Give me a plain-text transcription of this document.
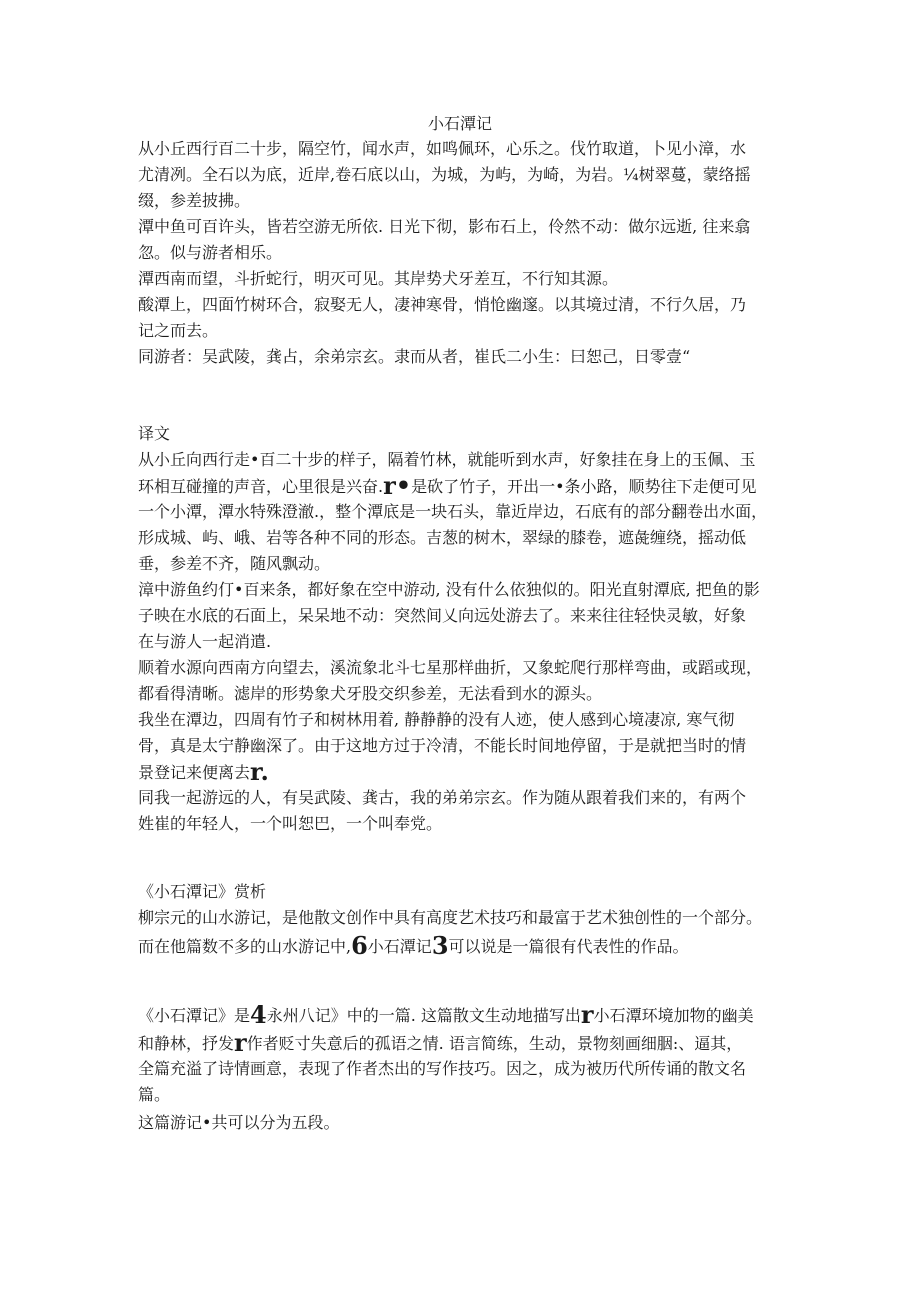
小石潭记
从小丘西行百二十步，隔空竹，闻水声，如鸣佩环，心乐之。伐竹取道，卜见小漳，水
尤清冽。全石以为底，近岸,卷石底以山，为城，为屿，为崎，为岩。¼树翠蔓，蒙络摇
缀，参差披拂。
潭中鱼可百许头，皆若空游无所依. 日光下彻，影布石上，伶然不动：做尔远逝, 往来翕
忽。似与游者相乐。
潭西南而望，斗折蛇行，明灭可见。其岸势犬牙差互，不行知其源。
酸潭上，四面竹树环合，寂娶无人，凄神寒骨，悄怆幽邃。以其境过清，不行久居，乃
记之而去。
同游者：吴武陵，龚占，余弟宗玄。隶而从者，崔氏二小生：曰恕己，日零壹“
译文
从小丘向西行走•百二十步的样子，隔着竹林，就能听到水声，好象挂在身上的玉佩、玉
环相互碰撞的声音，心里很是兴奋.r•是砍了竹子，开出一•条小路，顺势往下走便可见
一个小潭，潭水特殊澄澈.，整个潭底是一块石头，靠近岸边，石底有的部分翻卷出水面，
形成城、屿、峨、岩等各种不同的形态。吉葱的树木，翠绿的膝卷，遮彘缠绕，摇动低
垂，参差不齐，随风飘动。
漳中游鱼约仃•百来条，都好象在空中游动, 没有什么依独似的。阳光直射潭底, 把鱼的影
子映在水底的石面上，呆呆地不动：突然间乂向远处游去了。来来往往轻快灵敏，好象
在与游人一起消遣.
顺着水源向西南方向望去，溪流象北斗七星那样曲折，又象蛇爬行那样弯曲，或蹈或现，
都看得清晰。滤岸的形势象犬牙股交织参差，无法看到水的源头。
我坐在潭边，四周有竹子和树林用着, 静静静的没有人迹，使人感到心境凄凉, 寒气彻
骨，真是太宁静幽深了。由于这地方过于冷清，不能长时间地停留，于是就把当时的情
景登记来便离去r.
同我一起游远的人，有吴武陵、龚古，我的弟弟宗玄。作为随从跟着我们来的，有两个
姓崔的年轻人，一个叫恕巴，一个叫奉党。
《小石潭记》赏析
柳宗元的山水游记，是他散文创作中具有高度艺术技巧和最富于艺术独创性的一个部分。
而在他篇数不多的山水游记中,6小石潭记3可以说是一篇很有代表性的作品。
《小石潭记》是4永州八记》中的一篇. 这篇散文生动地描写出r小石潭环境加物的幽美
和静林，抒发r作者贬寸失意后的孤语之情. 语言简练，生动，景物刻画细胭:、逼其，
全篇充溢了诗情画意，表现了作者杰出的写作技巧。因之，成为被历代所传诵的散文名
篇。
这篇游记•共可以分为五段。
